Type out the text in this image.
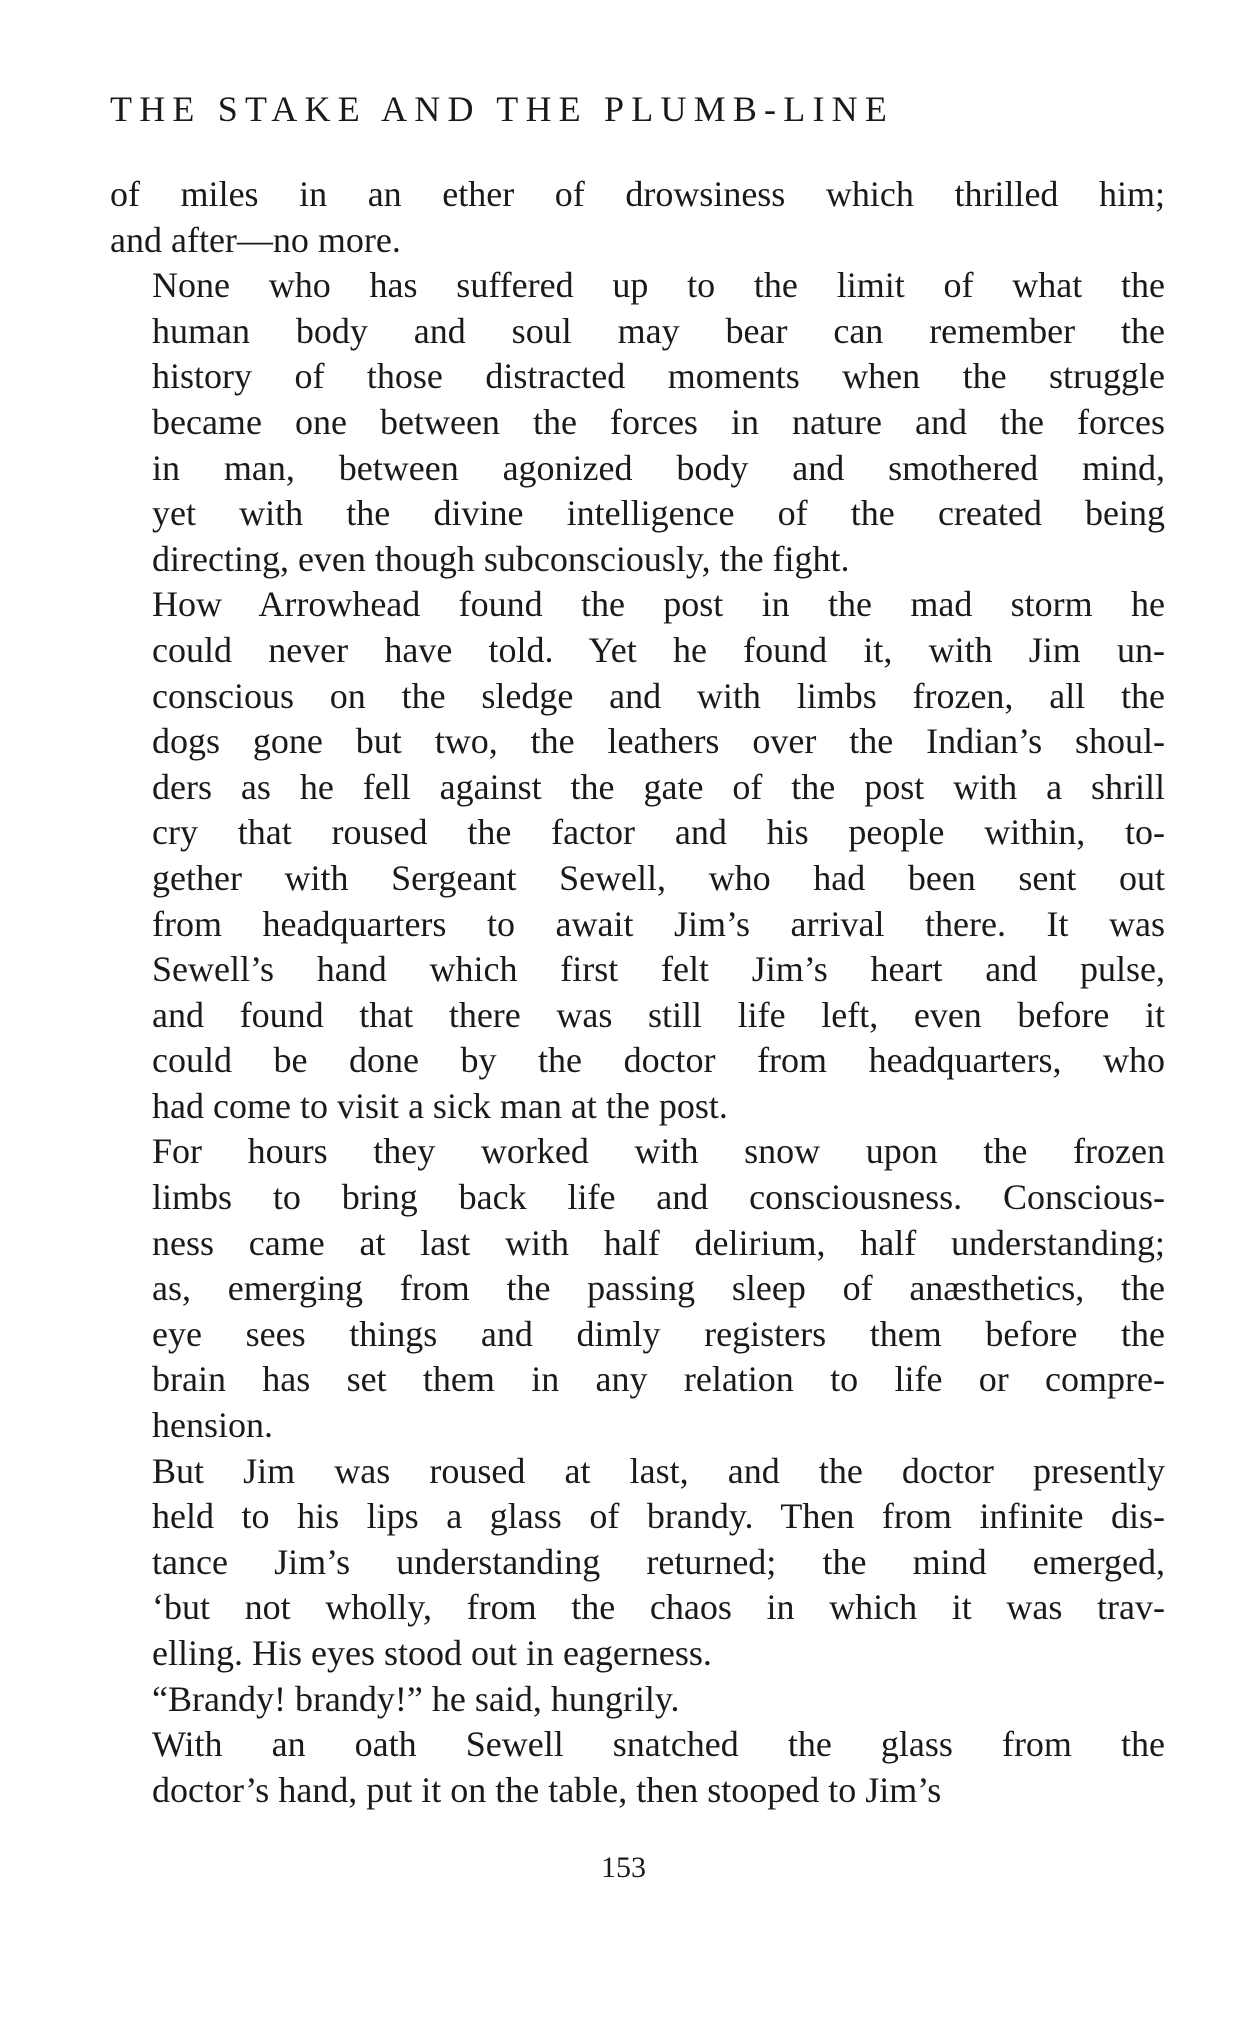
THE STAKE AND THE PLUMB-LINE

of miles in an ether of drowsiness which thrilled him;
and after—no more.

None who has suffered up to the limit of what the
human body and soul may bear can remember the
history of those distracted moments when the struggle
became one between the forces in nature and the forces
in man, between agonized body and smothered mind,
yet with the divine intelligence of the created being
directing, even though subconsciously, the fight.

How Arrowhead found the post in the mad storm he
could never have told. Yet he found it, with Jim un-
conscious on the sledge and with limbs frozen, all the
dogs gone but two, the leathers over the Indian’s shoul-
ders as he fell against the gate of the post with a shrill
cry that roused the factor and his people within, to-
gether with Sergeant Sewell, who had been sent out
from headquarters to await Jim’s arrival there. It was
Sewell’s hand which first felt Jim’s heart and pulse,
and found that there was still life left, even before it
could be done by the doctor from headquarters, who
had come to visit a sick man at the post.

For hours they worked with snow upon the frozen
limbs to bring back life and consciousness. Conscious-
ness came at last with half delirium, half understanding;
as, emerging from the passing sleep of anæsthetics, the
eye sees things and dimly registers them before the
brain has set them in any relation to life or compre-
hension.

But Jim was roused at last, and the doctor presently
held to his lips a glass of brandy. Then from infinite dis-
tance Jim’s understanding returned; the mind emerged,
‘but not wholly, from the chaos in which it was trav-
elling. His eyes stood out in eagerness.

“Brandy! brandy!” he said, hungrily.

With an oath Sewell snatched the glass from the
doctor’s hand, put it on the table, then stooped to Jim’s

153
